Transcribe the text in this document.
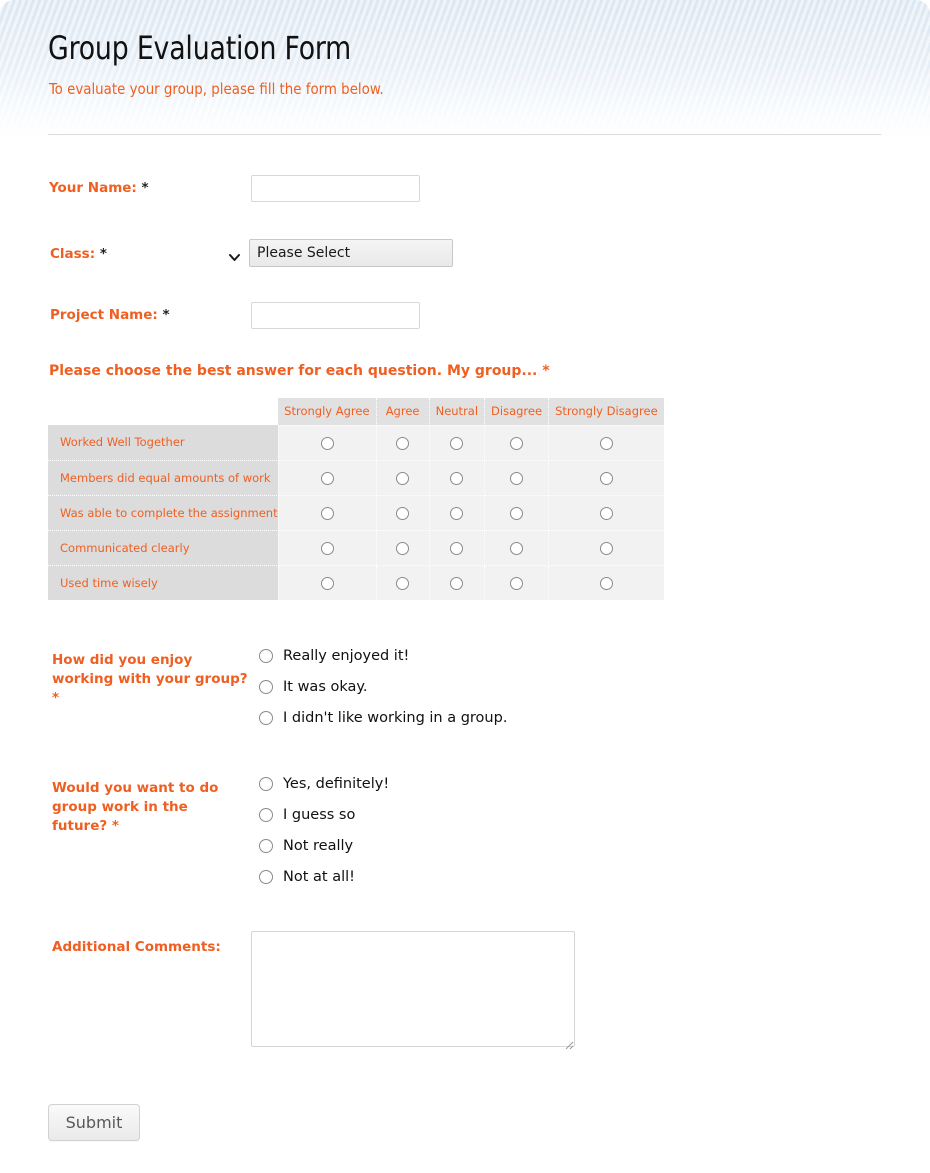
Group Evaluation Form
To evaluate your group, please fill the form below.
Your Name: *
Class: *
Please Select
Project Name: *
Please choose the best answer for each question. My group... *
	Strongly Agree	Agree	Neutral	Disagree	Strongly Disagree
Worked Well Together					
Members did equal amounts of work					
Was able to complete the assignment					
Communicated clearly					
Used time wisely					
How did you enjoy working with your group? *
Really enjoyed it!
It was okay.
I didn't like working in a group.
Would you want to do group work in the future? *
Yes, definitely!
I guess so
Not really
Not at all!
Additional Comments:
Submit
